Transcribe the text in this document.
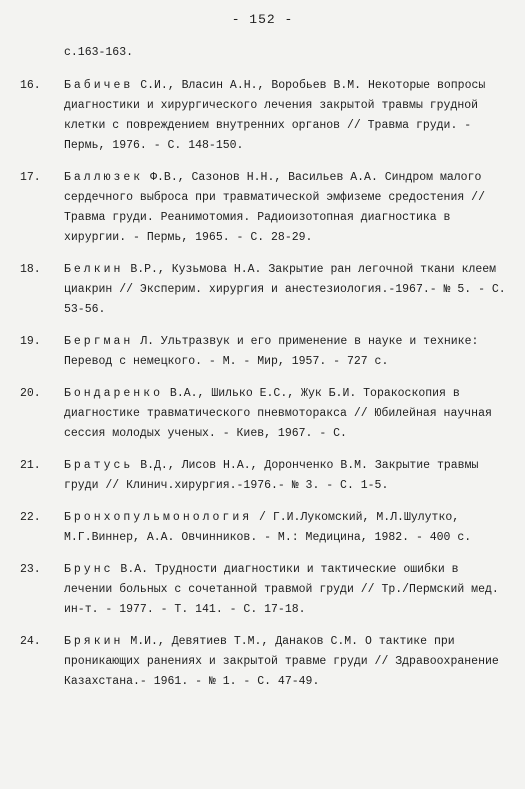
- 152 -
с.163-163.
16.	Бабичев С.И., Власин А.Н., Воробьев В.М. Некоторые вопросы диагностики и хирургического лечения закрытой травмы грудной клетки с повреждением внутренних органов // Травма груди. - Пермь, 1976. - С. 148-150.
17.	Баллюзек Ф.В., Сазонов Н.Н., Васильев А.А. Синдром малого сердечного выброса при травматической эмфиземе средостения // Травма груди. Реанимотомия. Радиоизотопная диагностика в хирургии. - Пермь, 1965. - С. 28-29.
18.	Белкин В.Р., Кузьмова Н.А. Закрытие ран легочной ткани клеем циакрин // Эксперим. хирургия и анестезиология.-1967.- № 5. - С. 53-56.
19.	Бергман Л. Ультразвук и его применение в науке и технике: Перевод с немецкого. - М. - Мир, 1957. - 727 с.
20.	Бондаренко В.А., Шилько Е.С., Жук Б.И. Торакоскопия в диагностике травматического пневмоторакса // Юбилейная научная сессия молодых ученых. - Киев, 1967. - С.
21.	Братусь В.Д., Лисов Н.А., Доронченко В.М. Закрытие травмы груди // Клинич.хирургия.-1976.- № 3. - С. 1-5.
22.	Бронхопульмонология / Г.И.Лукомский, М.Л.Шулутко, М.Г.Виннер, А.А. Овчинников. - М.: Медицина, 1982. - 400 с.
23.	Брунс В.А. Трудности диагностики и тактические ошибки в лечении больных с сочетанной травмой груди // Тр./Пермский мед. ин-т. - 1977. - Т. 141. - С. 17-18.
24.	Брякин М.И., Девятиев Т.М., Данаков С.М. О тактике при проникающих ранениях и закрытой травме груди // Здравоохранение Казахстана.- 1961. - № 1. - С. 47-49.
